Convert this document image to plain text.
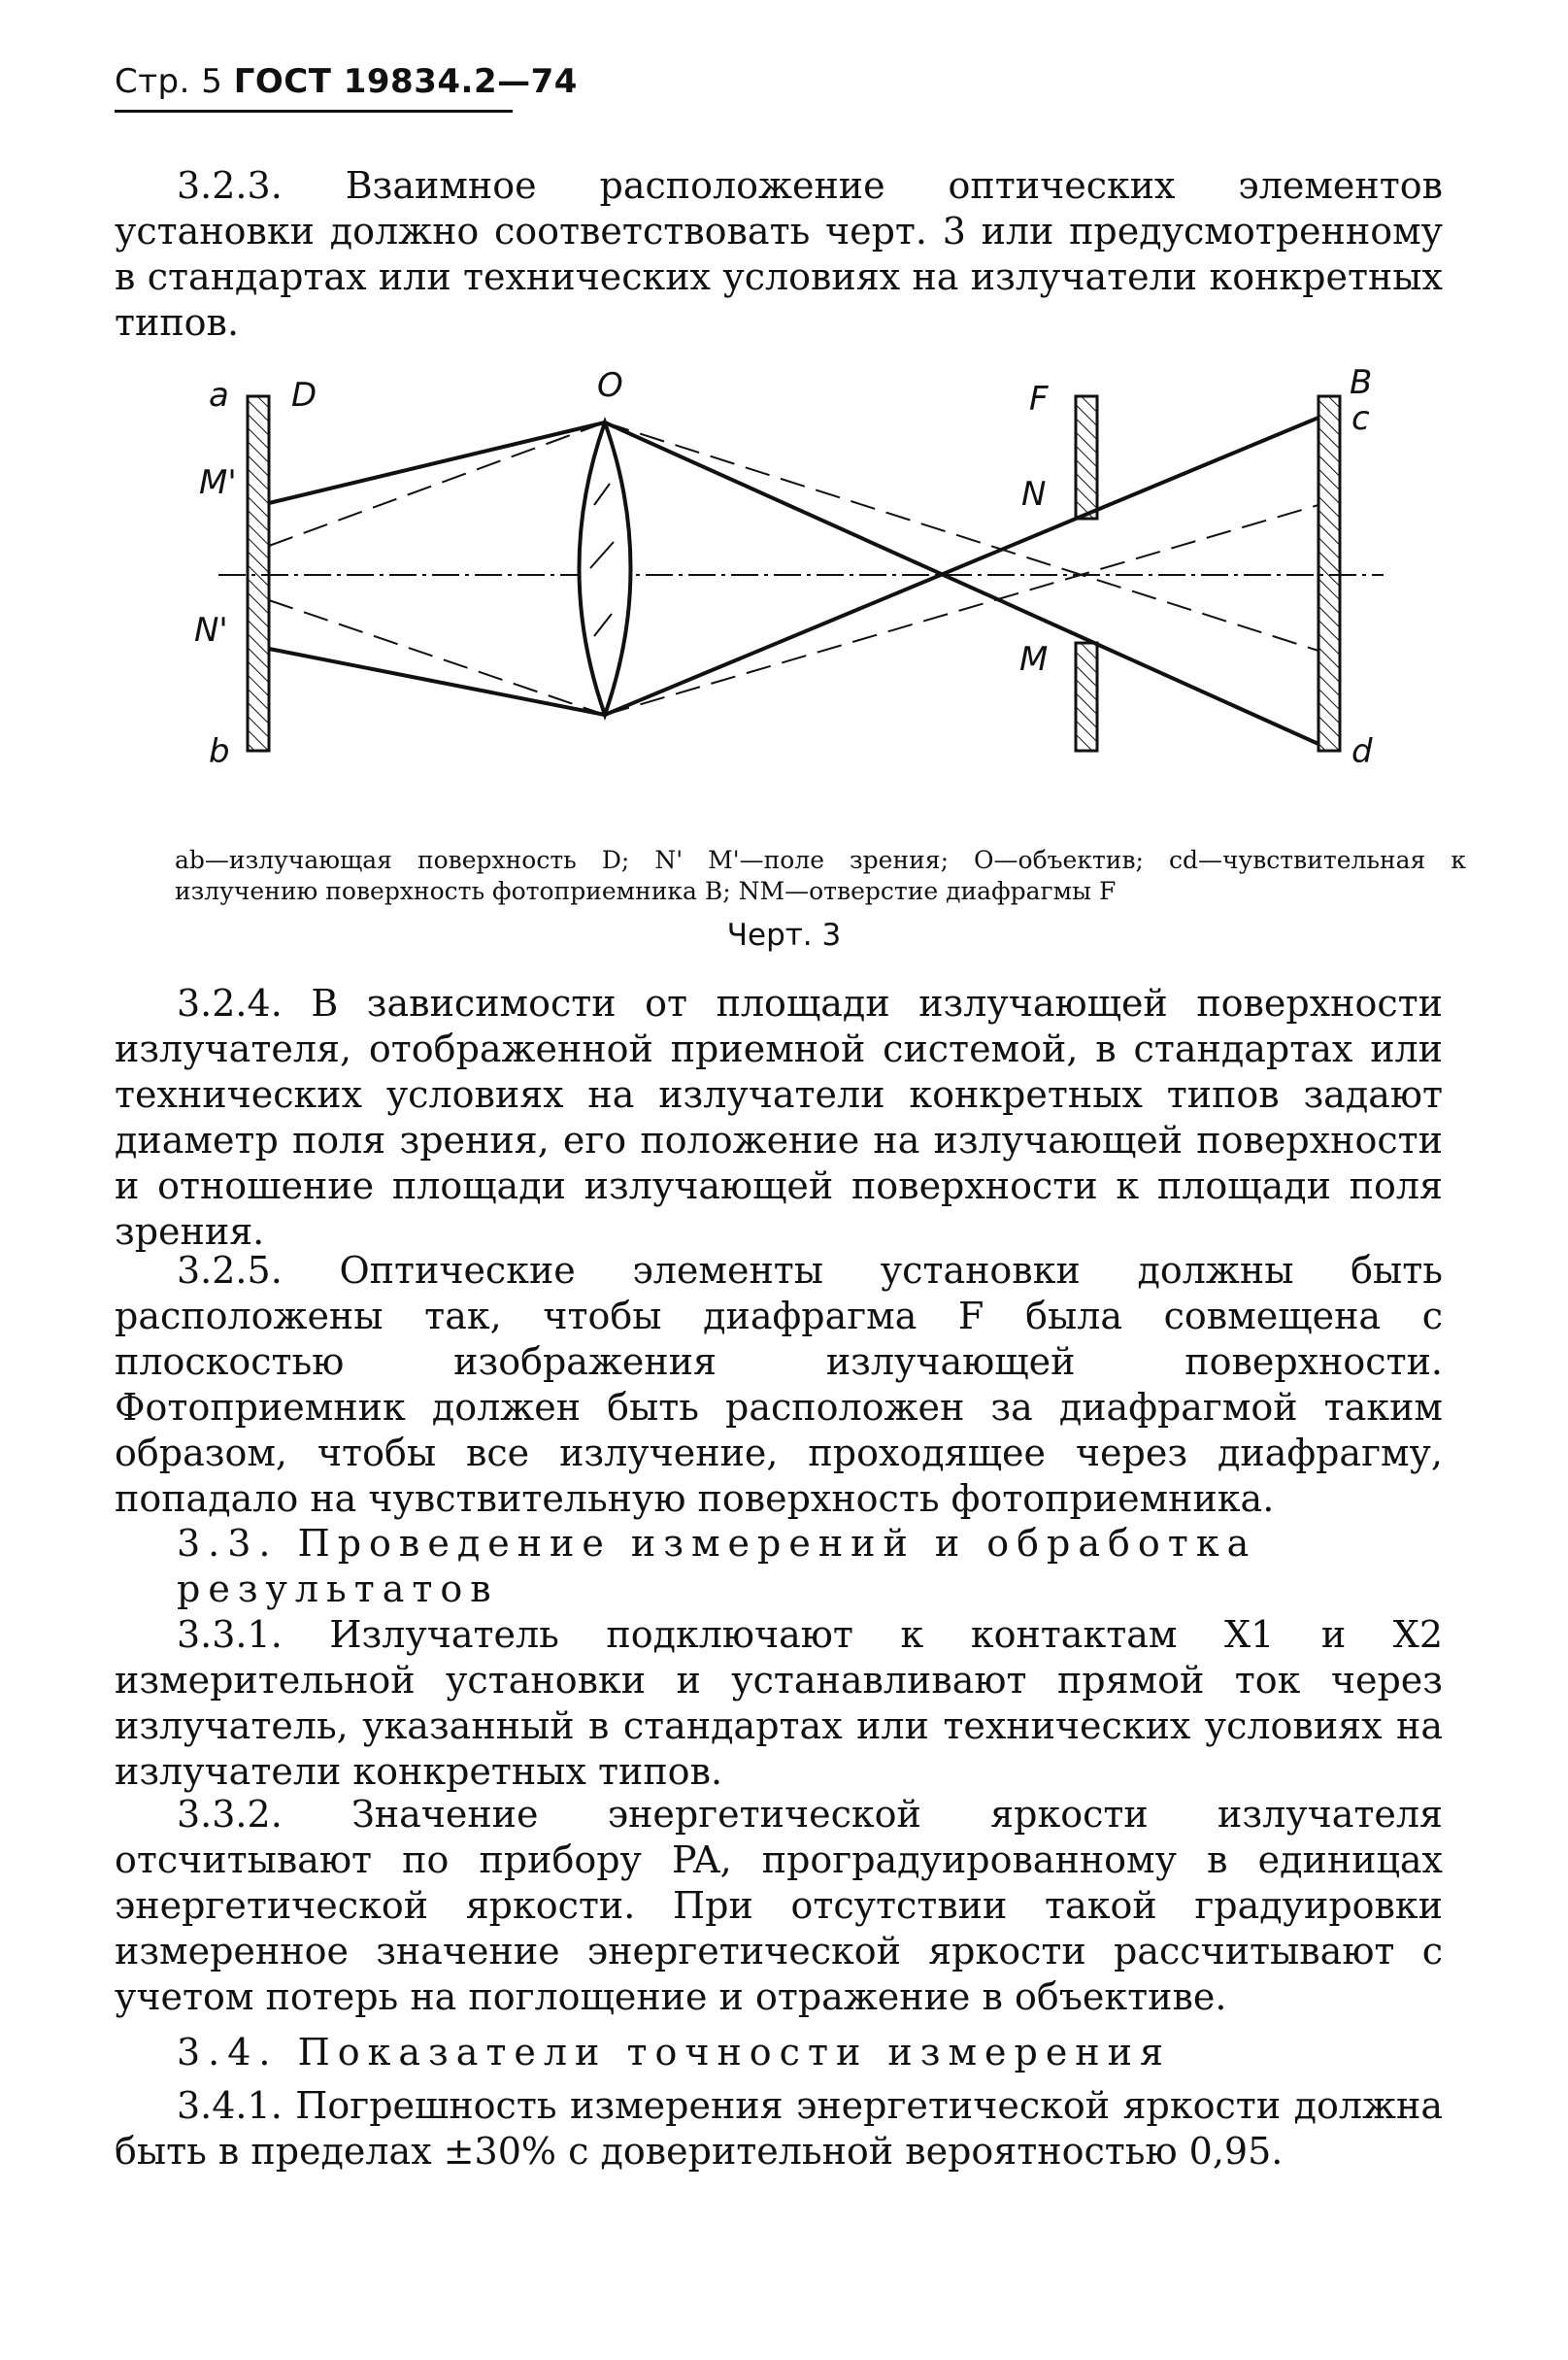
Стр. 5 ГОСТ 19834.2—74

3.2.3. Взаимное расположение оптических элементов установки должно соответствовать черт. 3 или предусмотренному в стандартах или технических условиях на излучатели конкретных типов.

a D
M'
N'
b
O	F
N
M
B
c
d

ab—излучающая поверхность D; N' M'—поле зрения; O—объектив; cd—чувствительная к излучению поверхность фотоприемника B; NM—отверстие диафрагмы F

Черт. 3

3.2.4. В зависимости от площади излучающей поверхности излучателя, отображенной приемной системой, в стандартах или технических условиях на излучатели конкретных типов задают диаметр поля зрения, его положение на излучающей поверхности и отношение площади излучающей поверхности к площади поля зрения.

3.2.5. Оптические элементы установки должны быть расположены так, чтобы диафрагма F была совмещена с плоскостью изображения излучающей поверхности. Фотоприемник должен быть расположен за диафрагмой таким образом, чтобы все излучение, проходящее через диафрагму, попадало на чувствительную поверхность фотоприемника.

3.3. Проведение измерений и обработка результатов

3.3.1. Излучатель подключают к контактам X1 и X2 измерительной установки и устанавливают прямой ток через излучатель, указанный в стандартах или технических условиях на излучатели конкретных типов.

3.3.2. Значение энергетической яркости излучателя отсчитывают по прибору PA, проградуированному в единицах энергетической яркости. При отсутствии такой градуировки измеренное значение энергетической яркости рассчитывают с учетом потерь на поглощение и отражение в объективе.

3.4. Показатели точности измерения

3.4.1. Погрешность измерения энергетической яркости должна быть в пределах ±30% с доверительной вероятностью 0,95.
